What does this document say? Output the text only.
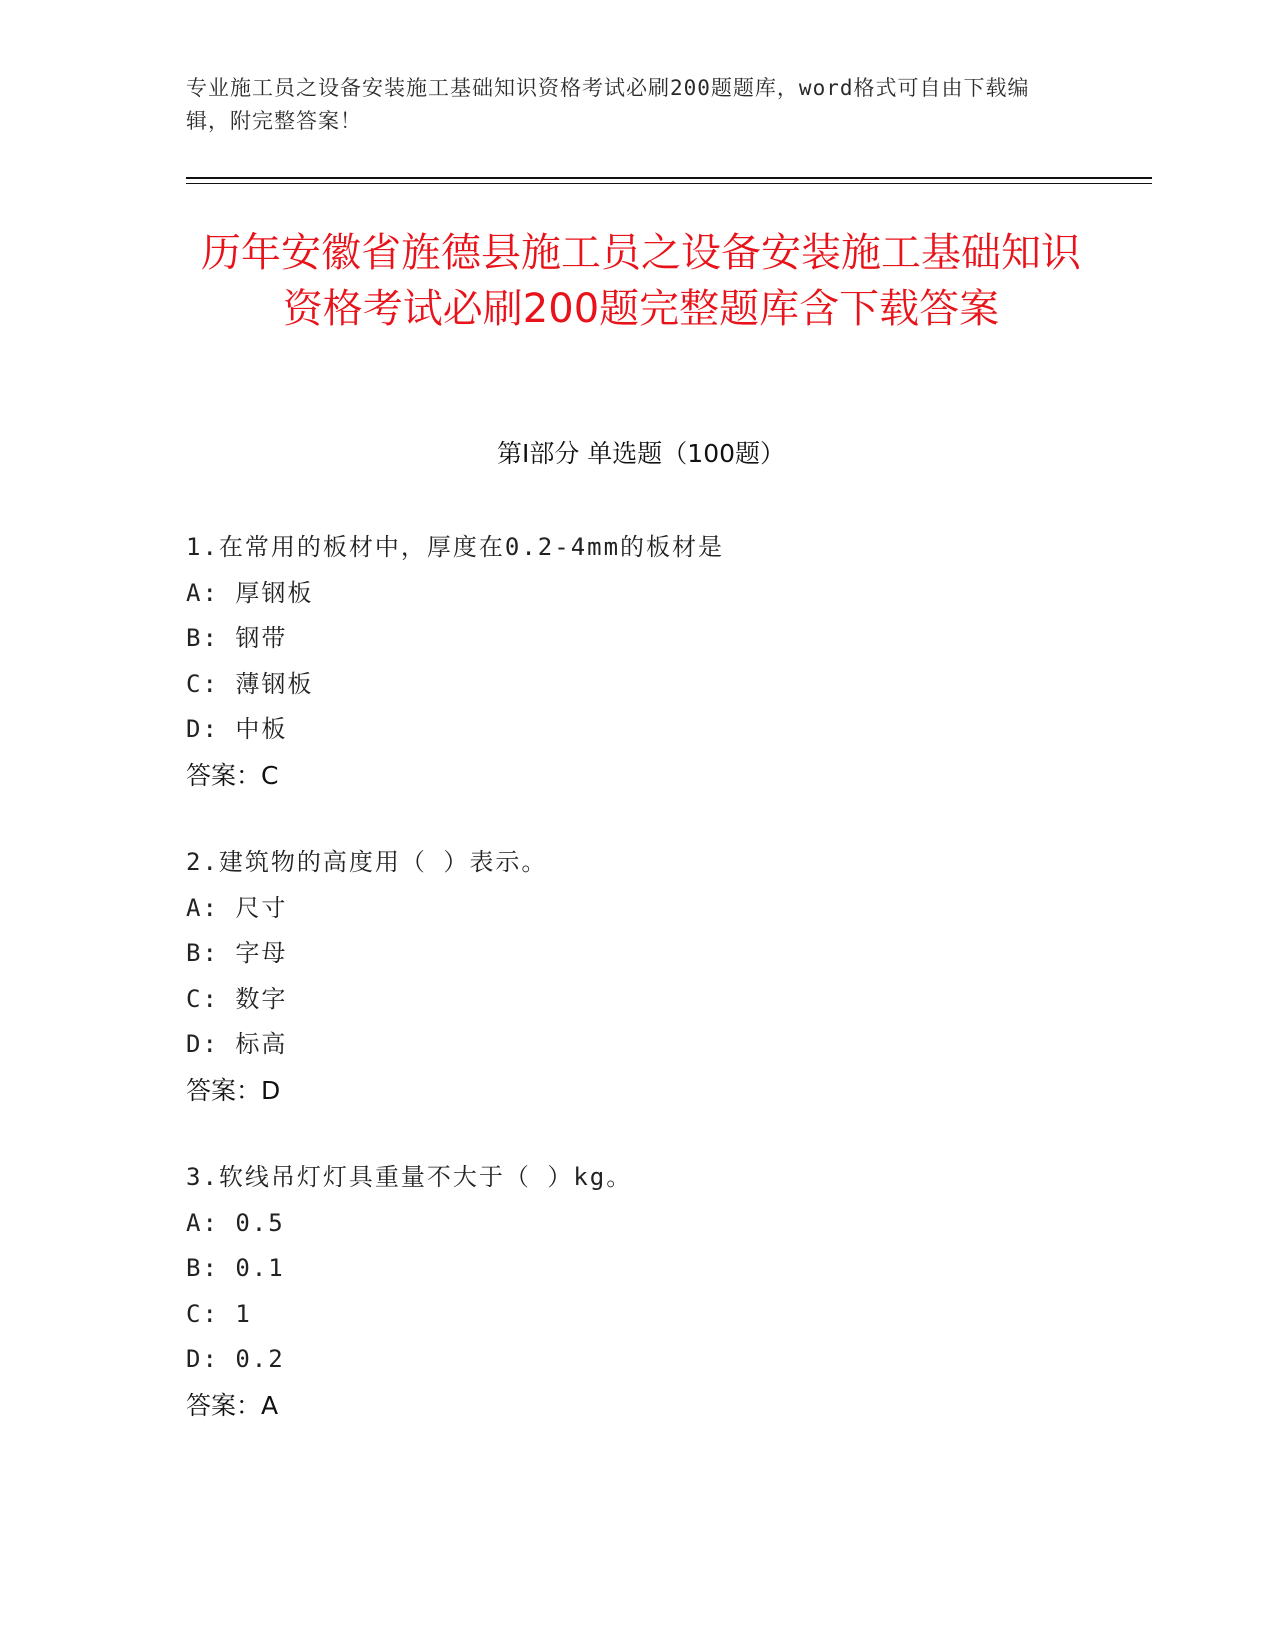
专业施工员之设备安装施工基础知识资格考试必刷200题题库，word格式可自由下载编辑，附完整答案！
历年安徽省旌德县施工员之设备安装施工基础知识资格考试必刷200题完整题库含下载答案
第I部分 单选题（100题）
1.在常用的板材中，厚度在0.2-4mm的板材是
A: 厚钢板
B: 钢带
C: 薄钢板
D: 中板
答案：C
2.建筑物的高度用（ ）表示。
A: 尺寸
B: 字母
C: 数字
D: 标高
答案：D
3.软线吊灯灯具重量不大于（ ）kg。
A: 0.5
B: 0.1
C: 1
D: 0.2
答案：A
